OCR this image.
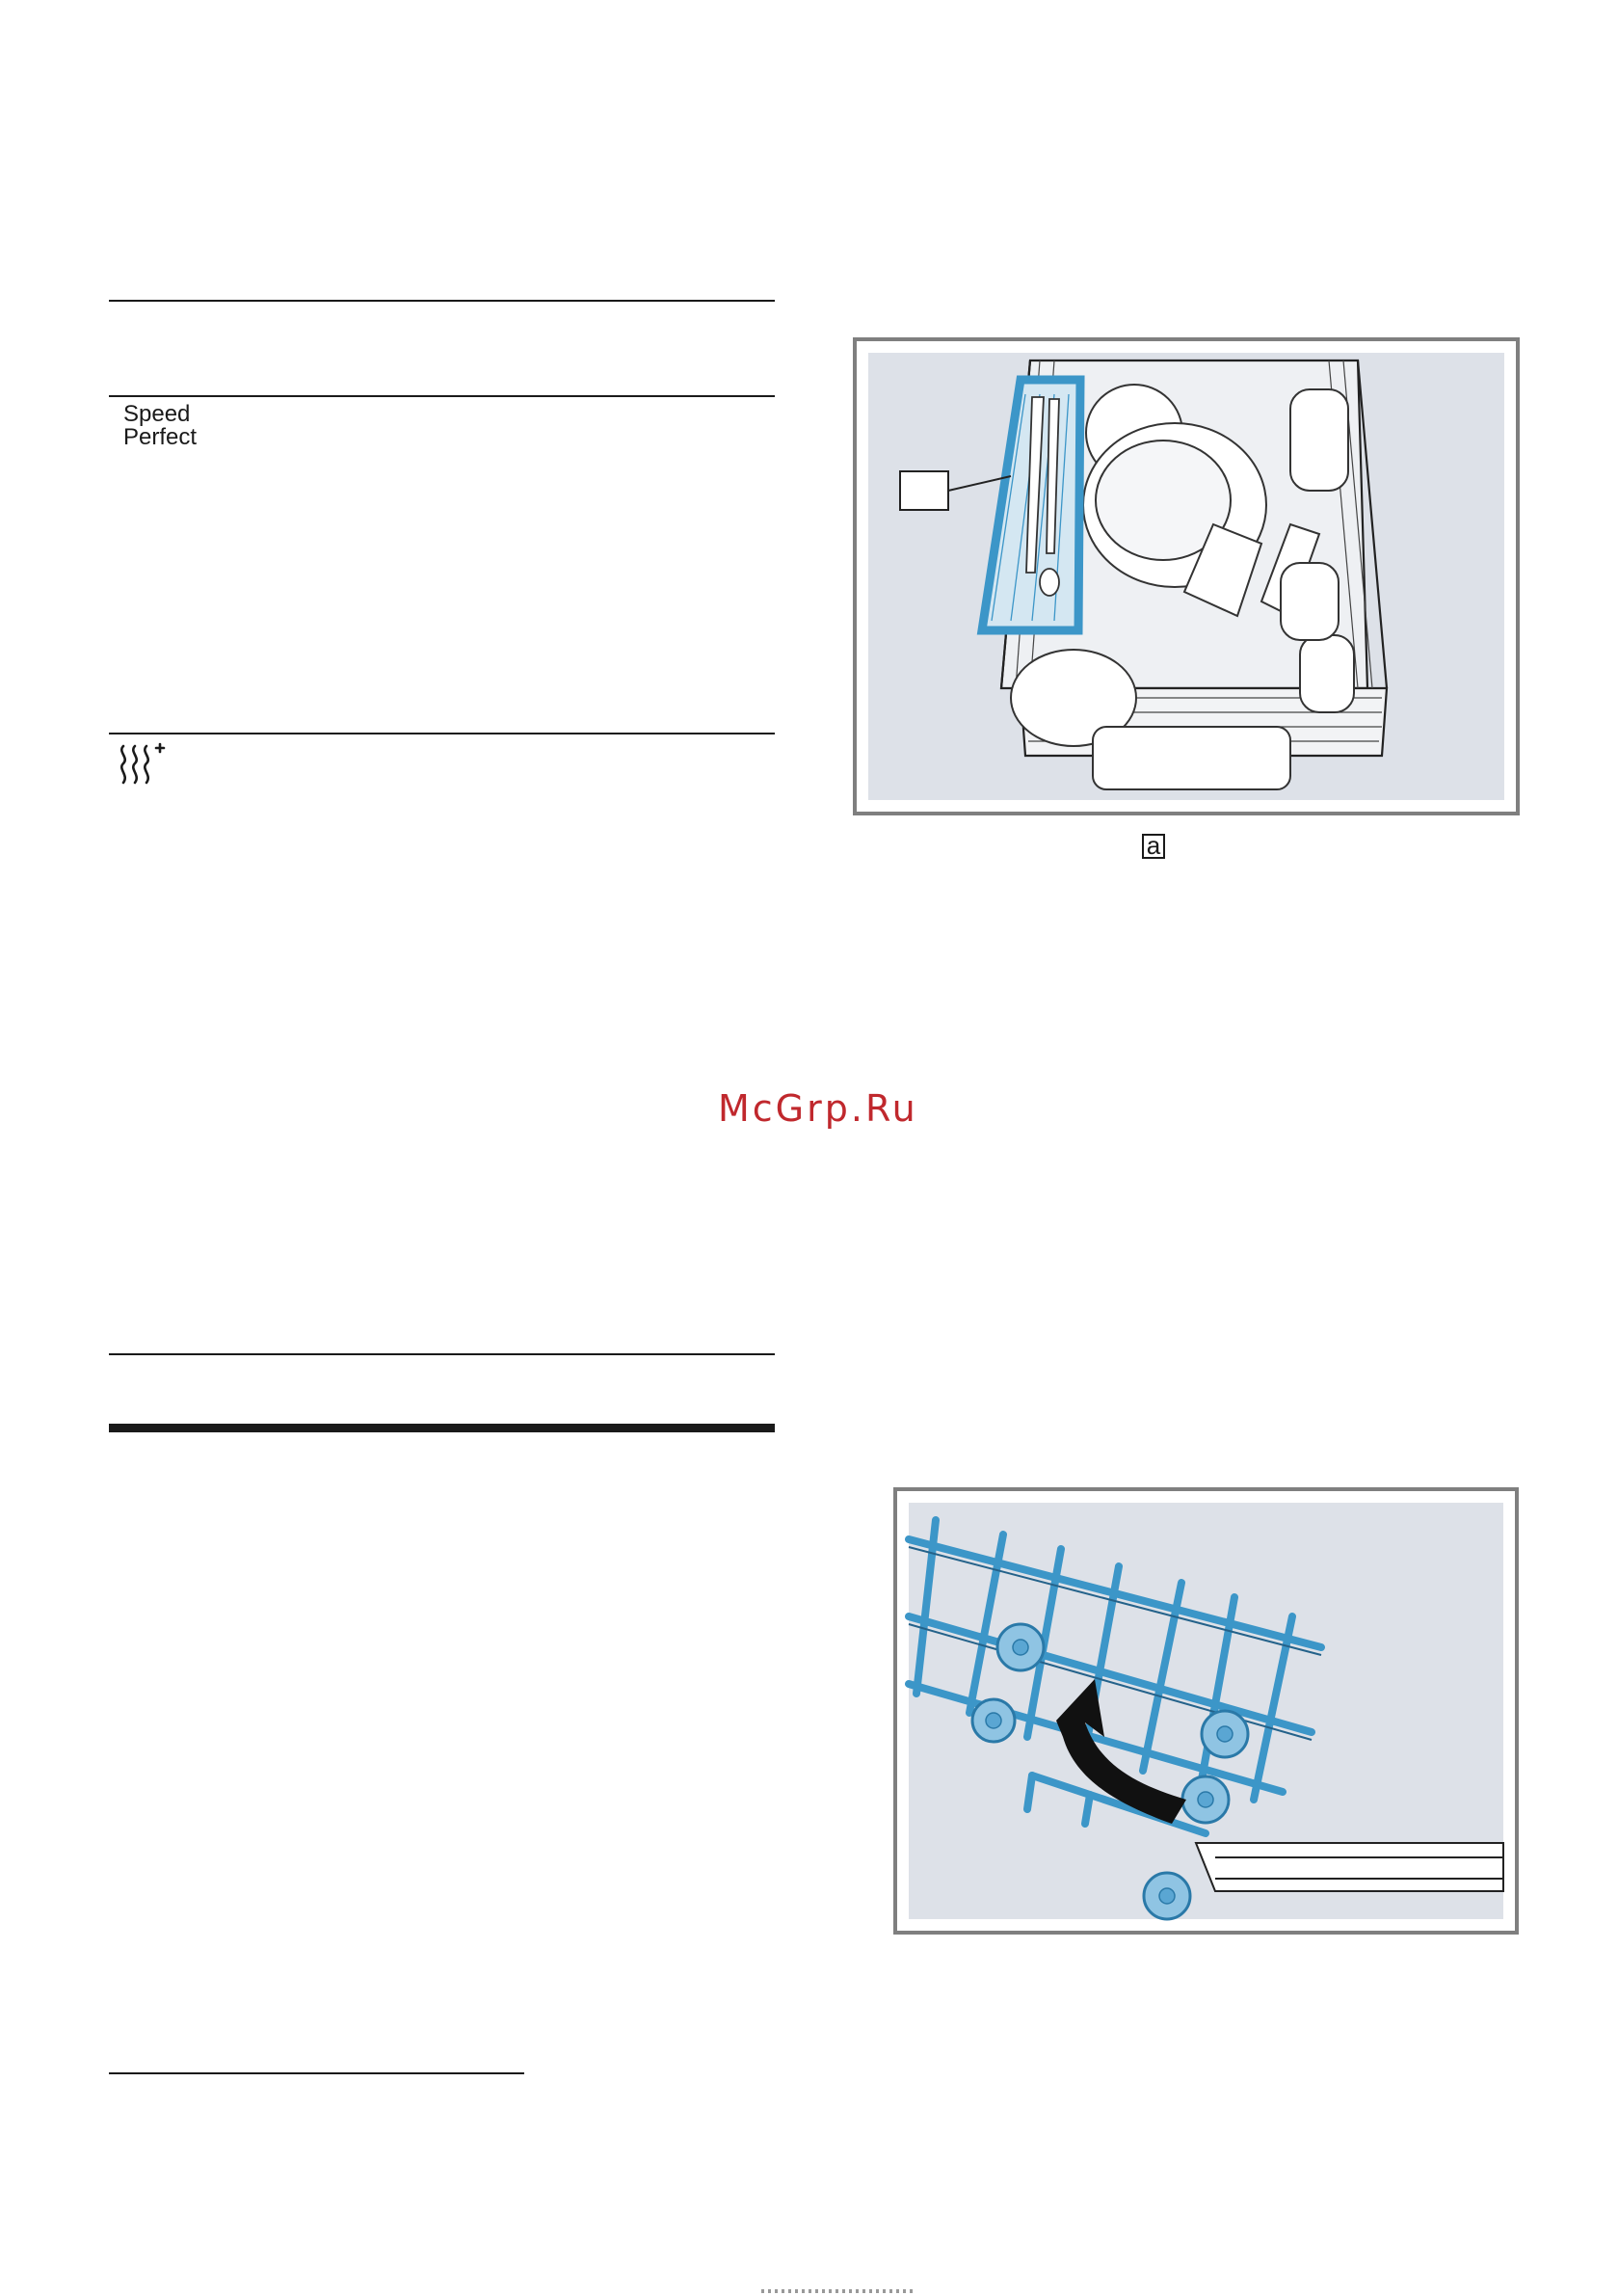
Speed
Perfect
a
McGrp.Ru
